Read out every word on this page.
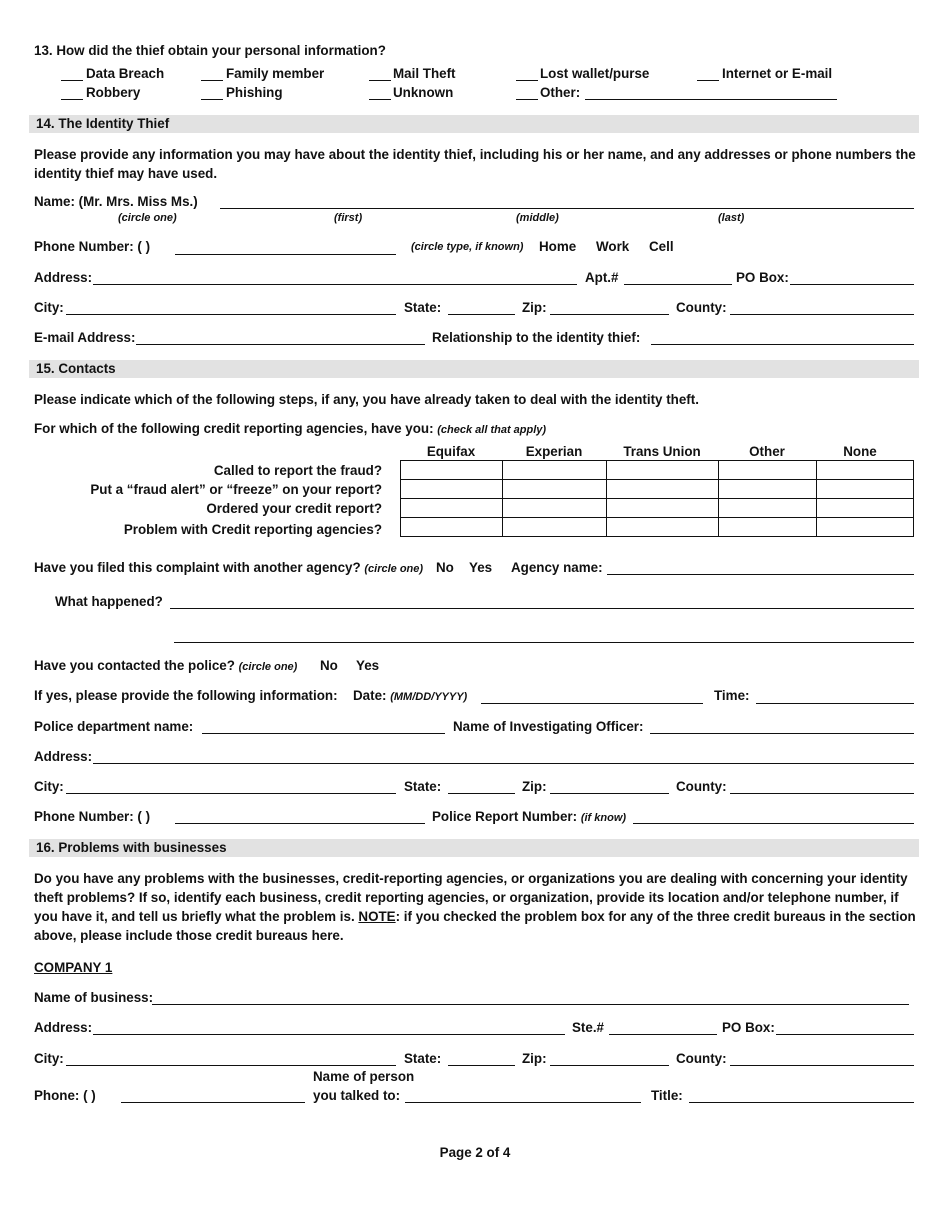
13. How did the thief obtain your personal information?
Data Breach	Family member	Mail Theft	Lost wallet/purse	Internet or E-mail
Robbery	Phishing	Unknown	Other:
14. The Identity Thief
Please provide any information you may have about the identity thief, including his or her name, and any addresses or phone numbers the identity thief may have used.
Name: (Mr. Mrs. Miss Ms.)
(circle one)	(first)	(middle)	(last)
Phone Number: ( )	(circle type, if known) Home Work Cell
Address:	Apt.#	PO Box:
City:	State:	Zip:	County:
E-mail Address:	Relationship to the identity thief:
15. Contacts
Please indicate which of the following steps, if any, you have already taken to deal with the identity theft.
For which of the following credit reporting agencies, have you: (check all that apply)
Equifax	Experian	Trans Union	Other	None
Called to report the fraud?
Put a “fraud alert” or “freeze” on your report?
Ordered your credit report?
Problem with Credit reporting agencies?

Have you filed this complaint with another agency? (circle one) No Yes Agency name:
What happened?
Have you contacted the police? (circle one) No Yes
If yes, please provide the following information: Date: (MM/DD/YYYY)	Time:
Police department name:	Name of Investigating Officer:
Address:
City:	State:	Zip:	County:
Phone Number: ( )	Police Report Number: (if know)
16. Problems with businesses
Do you have any problems with the businesses, credit-reporting agencies, or organizations you are dealing with concerning your identity theft problems? If so, identify each business, credit reporting agencies, or organization, provide its location and/or telephone number, if you have it, and tell us briefly what the problem is. NOTE: if you checked the problem box for any of the three credit bureaus in the section above, please include those credit bureaus here.
COMPANY 1
Name of business:
Address:	Ste.#	PO Box:
City:	State:	Zip:	County:
Phone: ( )
Name of person
you talked to:	Title:
Page 2 of 4
